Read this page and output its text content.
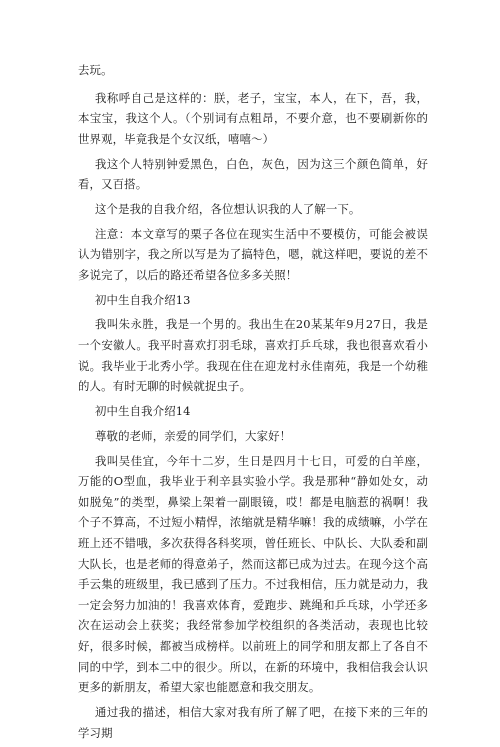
去玩。

我称呼自己是这样的：朕，老子，宝宝，本人，在下，吾，我，本宝宝，我这个人。（个别词有点粗昂，不要介意，也不要刷新你的世界观，毕竟我是个女汉纸，嘻嘻～）

我这个人特别钟爱黑色，白色，灰色，因为这三个颜色简单，好看，又百搭。

这个是我的自我介绍，各位想认识我的人了解一下。

注意：本文章写的栗子各位在现实生活中不要模仿，可能会被误认为错别字，我之所以写是为了搞特色，嗯，就这样吧，要说的差不多说完了，以后的路还希望各位多多关照！

初中生自我介绍13

我叫朱永胜，我是一个男的。我出生在20某某年9月27日，我是一个安徽人。我平时喜欢打羽毛球，喜欢打乒乓球，我也很喜欢看小说。我毕业于北秀小学。我现在住在迎龙村永佳南苑，我是一个幼稚的人。有时无聊的时候就捉虫子。

初中生自我介绍14

尊敬的老师，亲爱的同学们，大家好！

我叫吴佳宜，今年十二岁，生日是四月十七日，可爱的白羊座，万能的O型血，我毕业于利辛县实验小学。我是那种“静如处女，动如脱兔”的类型，鼻梁上架着一副眼镜，哎！都是电脑惹的祸啊！我个子不算高，不过短小精悍，浓缩就是精华嘛！我的成绩嘛，小学在班上还不错哦，多次获得各科奖项，曾任班长、中队长、大队委和副大队长，也是老师的得意弟子，然而这都已成为过去。在现今这个高手云集的班级里，我已感到了压力。不过我相信，压力就是动力，我一定会努力加油的！我喜欢体育，爱跑步、跳绳和乒乓球，小学还多次在运动会上获奖；我经常参加学校组织的各类活动，表现也比较好，很多时候，都被当成榜样。以前班上的同学和朋友都上了各自不同的中学，到本二中的很少。所以，在新的环境中，我相信我会认识更多的新朋友，希望大家也能愿意和我交朋友。

通过我的描述，相信大家对我有所了解了吧，在接下来的三年的学习期
